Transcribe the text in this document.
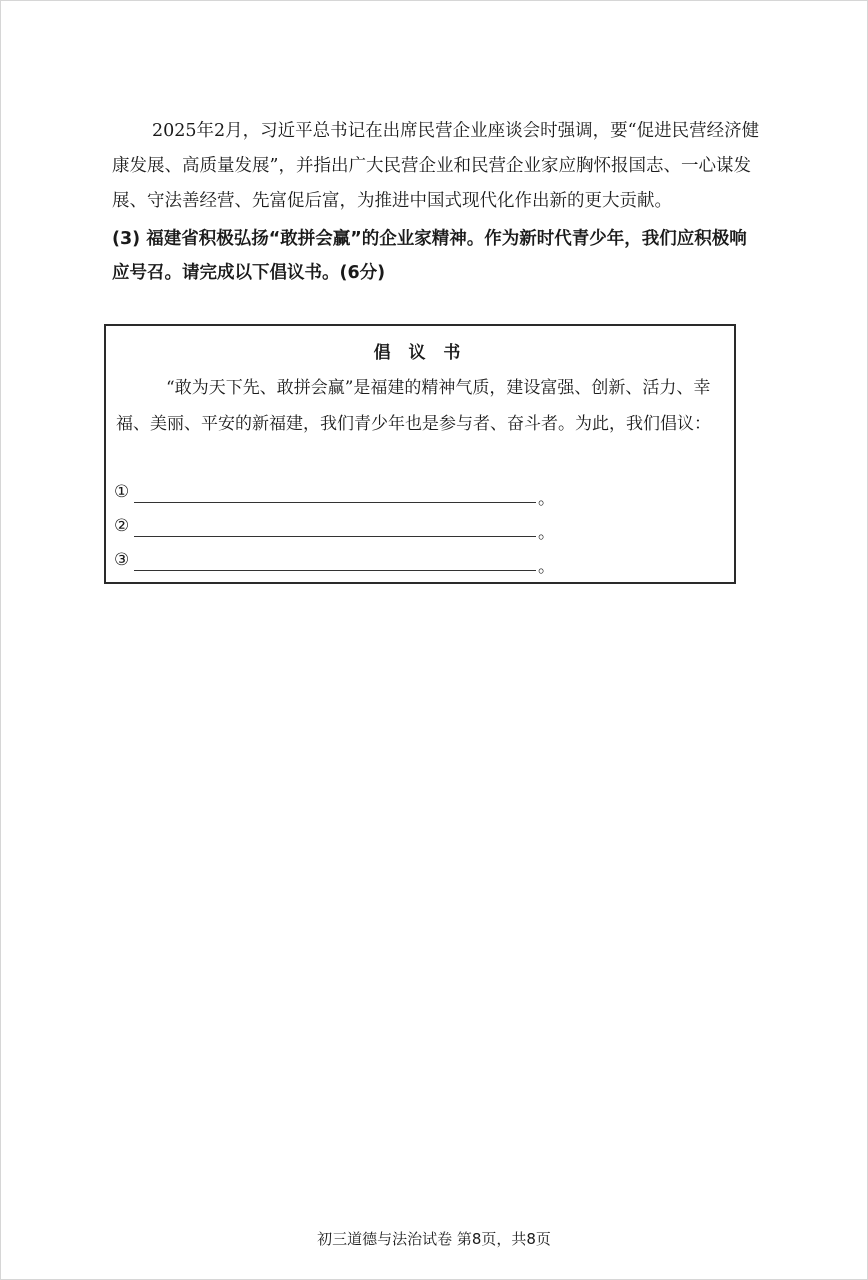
2025年2月，习近平总书记在出席民营企业座谈会时强调，要“促进民营经济健康发展、高质量发展”，并指出广大民营企业和民营企业家应胸怀报国志、一心谋发展、守法善经营、先富促后富，为推进中国式现代化作出新的更大贡献。

(3) 福建省积极弘扬“敢拼会赢”的企业家精神。作为新时代青少年，我们应积极响应号召。请完成以下倡议书。(6分)

倡 议 书

“敢为天下先、敢拼会赢”是福建的精神气质，建设富强、创新、活力、幸福、美丽、平安的新福建，我们青少年也是参与者、奋斗者。为此，我们倡议：

①	。
②	。
③	。
初三道德与法治试卷 第8页，共8页
